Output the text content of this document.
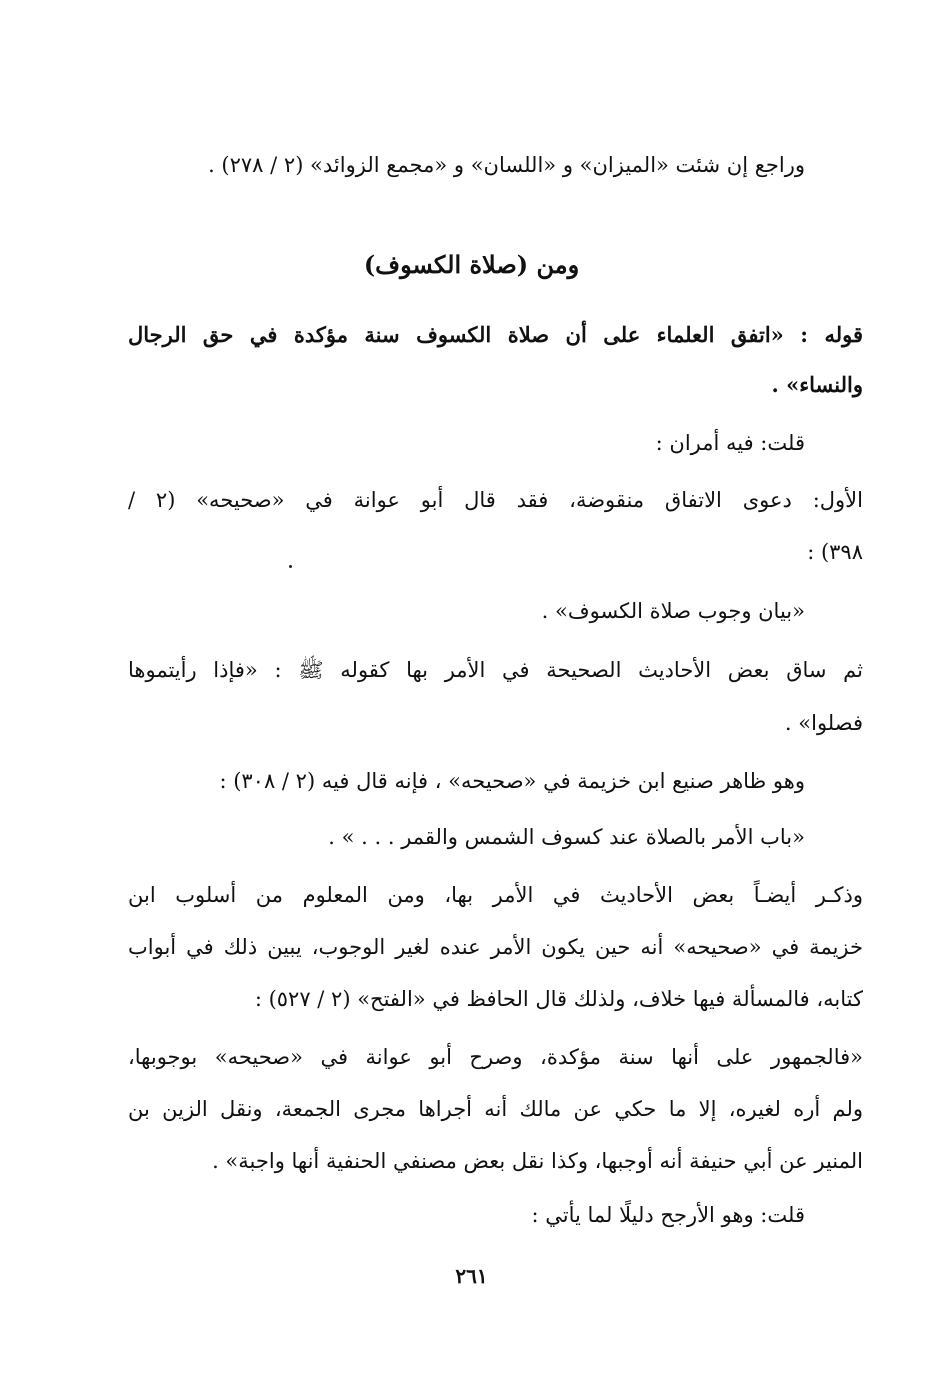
وراجع إن شئت «الميزان» و «اللسان» و «مجمع الزوائد» (٢ / ٢٧٨) .
ومن (صلاة الكسوف)
قوله : «اتفق العلماء على أن صلاة الكسوف سنة مؤكدة في حق الرجال
والنساء» .
قلت: فيه أمران :
الأول: دعوى الاتفاق منقوضة، فقد قال أبو عوانة في «صحيحه» (٢ /
٣٩٨) :
«بيان وجوب صلاة الكسوف» .
ثم ساق بعض الأحاديث الصحيحة في الأمر بها كقوله ﷺ : «فإذا رأيتموها
فصلوا» .
وهو ظاهر صنيع ابن خزيمة في «صحيحه» ، فإنه قال فيه (٢ / ٣٠٨) :
«باب الأمر بالصلاة عند كسوف الشمس والقمر . . . » .
وذكـر أيضـاً بعض الأحاديث في الأمر بها، ومن المعلوم من أسلوب ابن
خزيمة في «صحيحه» أنه حين يكون الأمر عنده لغير الوجوب، يبين ذلك في أبواب
كتابه، فالمسألة فيها خلاف، ولذلك قال الحافظ في «الفتح» (٢ / ٥٢٧) :
«فالجمهور على أنها سنة مؤكدة، وصرح أبو عوانة في «صحيحه» بوجوبها،
ولم أره لغيره، إلا ما حكي عن مالك أنه أجراها مجرى الجمعة، ونقل الزين بن
المنير عن أبي حنيفة أنه أوجبها، وكذا نقل بعض مصنفي الحنفية أنها واجبة» .
قلت: وهو الأرجح دليلًا لما يأتي :
٢٦١
